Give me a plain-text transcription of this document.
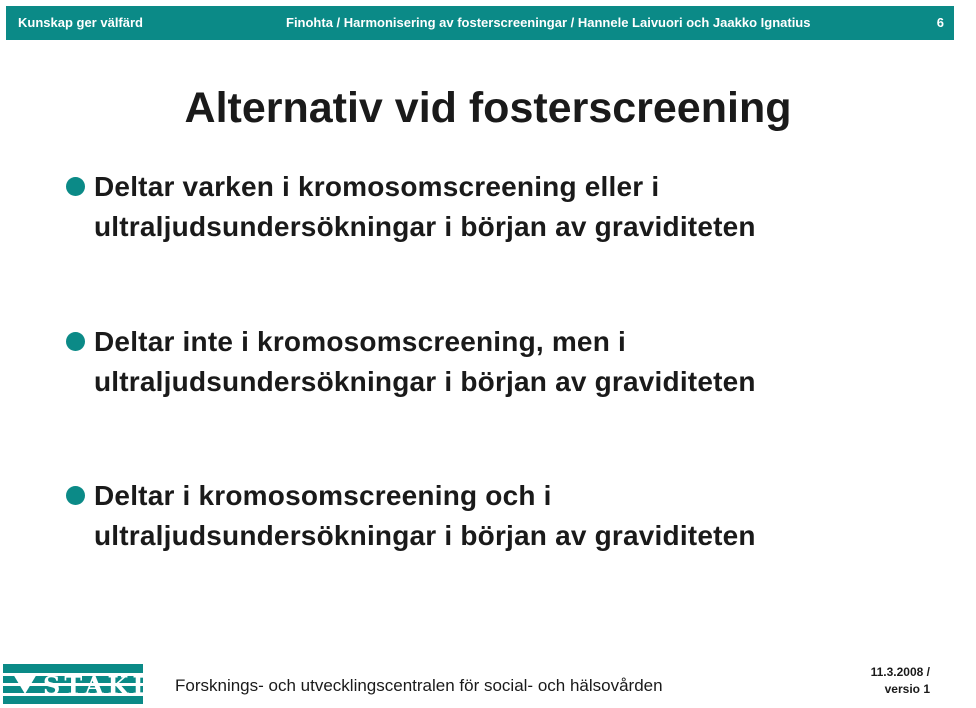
Kunskap ger välfärd	Finohta / Harmonisering av fosterscreeningar / Hannele Laivuori och Jaakko Ignatius	6
Alternativ vid fosterscreening
Deltar varken i kromosomscreening eller i
ultraljudsundersökningar i början av graviditeten
Deltar inte i kromosomscreening, men i
ultraljudsundersökningar i början av graviditeten
Deltar i kromosomscreening och i
ultraljudsundersökningar i början av graviditeten
STAKES Forsknings- och utvecklingscentralen för social- och hälsovården
11.3.2008 /
versio 1
